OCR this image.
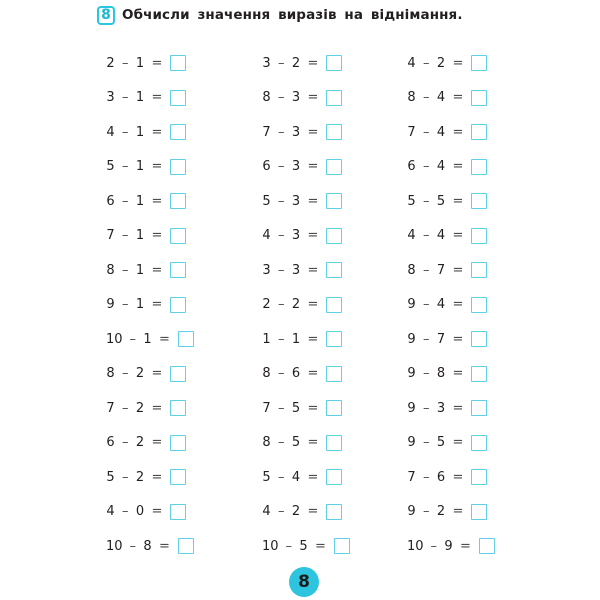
8 Обчисли значення виразів на віднімання.
2 – 1 =
3 – 1 =
4 – 1 =
5 – 1 =
6 – 1 =
7 – 1 =
8 – 1 =
9 – 1 =
10 – 1 =
8 – 2 =
7 – 2 =
6 – 2 =
5 – 2 =
4 – 0 =
10 – 8 =
3 – 2 =
8 – 3 =
7 – 3 =
6 – 3 =
5 – 3 =
4 – 3 =
3 – 3 =
2 – 2 =
1 – 1 =
8 – 6 =
7 – 5 =
8 – 5 =
5 – 4 =
4 – 2 =
10 – 5 =
4 – 2 =
8 – 4 =
7 – 4 =
6 – 4 =
5 – 5 =
4 – 4 =
8 – 7 =
9 – 4 =
9 – 7 =
9 – 8 =
9 – 3 =
9 – 5 =
7 – 6 =
9 – 2 =
10 – 9 =
8
